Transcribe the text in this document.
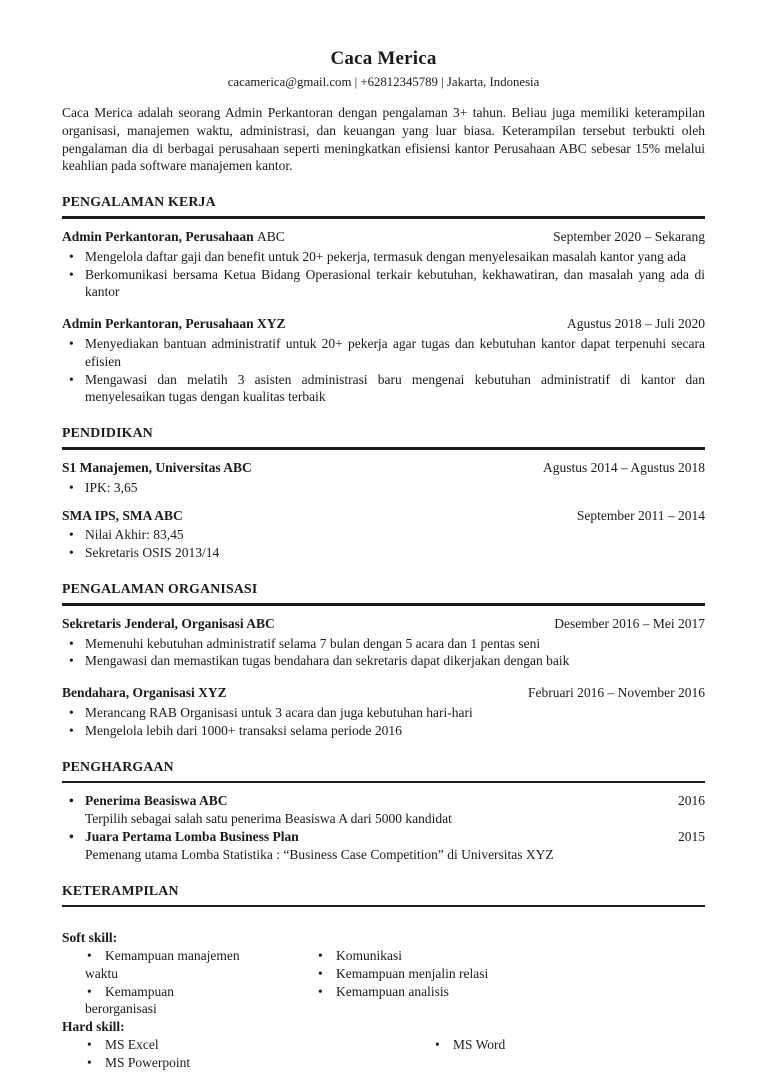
Caca Merica
cacamerica@gmail.com | +62812345789 | Jakarta, Indonesia

Caca Merica adalah seorang Admin Perkantoran dengan pengalaman 3+ tahun. Beliau juga memiliki keterampilan organisasi, manajemen waktu, administrasi, dan keuangan yang luar biasa. Keterampilan tersebut terbukti oleh pengalaman dia di berbagai perusahaan seperti meningkatkan efisiensi kantor Perusahaan ABC sebesar 15% melalui keahlian pada software manajemen kantor.

PENGALAMAN KERJA
Admin Perkantoran, Perusahaan ABC	September 2020 – Sekarang
• Mengelola daftar gaji dan benefit untuk 20+ pekerja, termasuk dengan menyelesaikan masalah kantor yang ada
• Berkomunikasi bersama Ketua Bidang Operasional terkair kebutuhan, kekhawatiran, dan masalah yang ada di kantor
Admin Perkantoran, Perusahaan XYZ	Agustus 2018 – Juli 2020
• Menyediakan bantuan administratif untuk 20+ pekerja agar tugas dan kebutuhan kantor dapat terpenuhi secara efisien
• Mengawasi dan melatih 3 asisten administrasi baru mengenai kebutuhan administratif di kantor dan menyelesaikan tugas dengan kualitas terbaik
PENDIDIKAN
S1 Manajemen, Universitas ABC	Agustus 2014 – Agustus 2018
• IPK: 3,65
SMA IPS, SMA ABC	September 2011 – 2014
• Nilai Akhir: 83,45
• Sekretaris OSIS 2013/14
PENGALAMAN ORGANISASI
Sekretaris Jenderal, Organisasi ABC	Desember 2016 – Mei 2017
• Memenuhi kebutuhan administratif selama 7 bulan dengan 5 acara dan 1 pentas seni
• Mengawasi dan memastikan tugas bendahara dan sekretaris dapat dikerjakan dengan baik
Bendahara, Organisasi XYZ	Februari 2016 – November 2016
• Merancang RAB Organisasi untuk 3 acara dan juga kebutuhan hari-hari
• Mengelola lebih dari 1000+ transaksi selama periode 2016
PENGHARGAAN
• Penerima Beasiswa ABC	2016
Terpilih sebagai salah satu penerima Beasiswa A dari 5000 kandidat
• Juara Pertama Lomba Business Plan	2015
Pemenang utama Lomba Statistika : “Business Case Competition” di Universitas XYZ
KETERAMPILAN
Soft skill:
• Kemampuan manajemen waktu
• Kemampuan berorganisasi
• Komunikasi
• Kemampuan menjalin relasi
• Kemampuan analisis
Hard skill:
• MS Excel
• MS Powerpoint
• MS Word
